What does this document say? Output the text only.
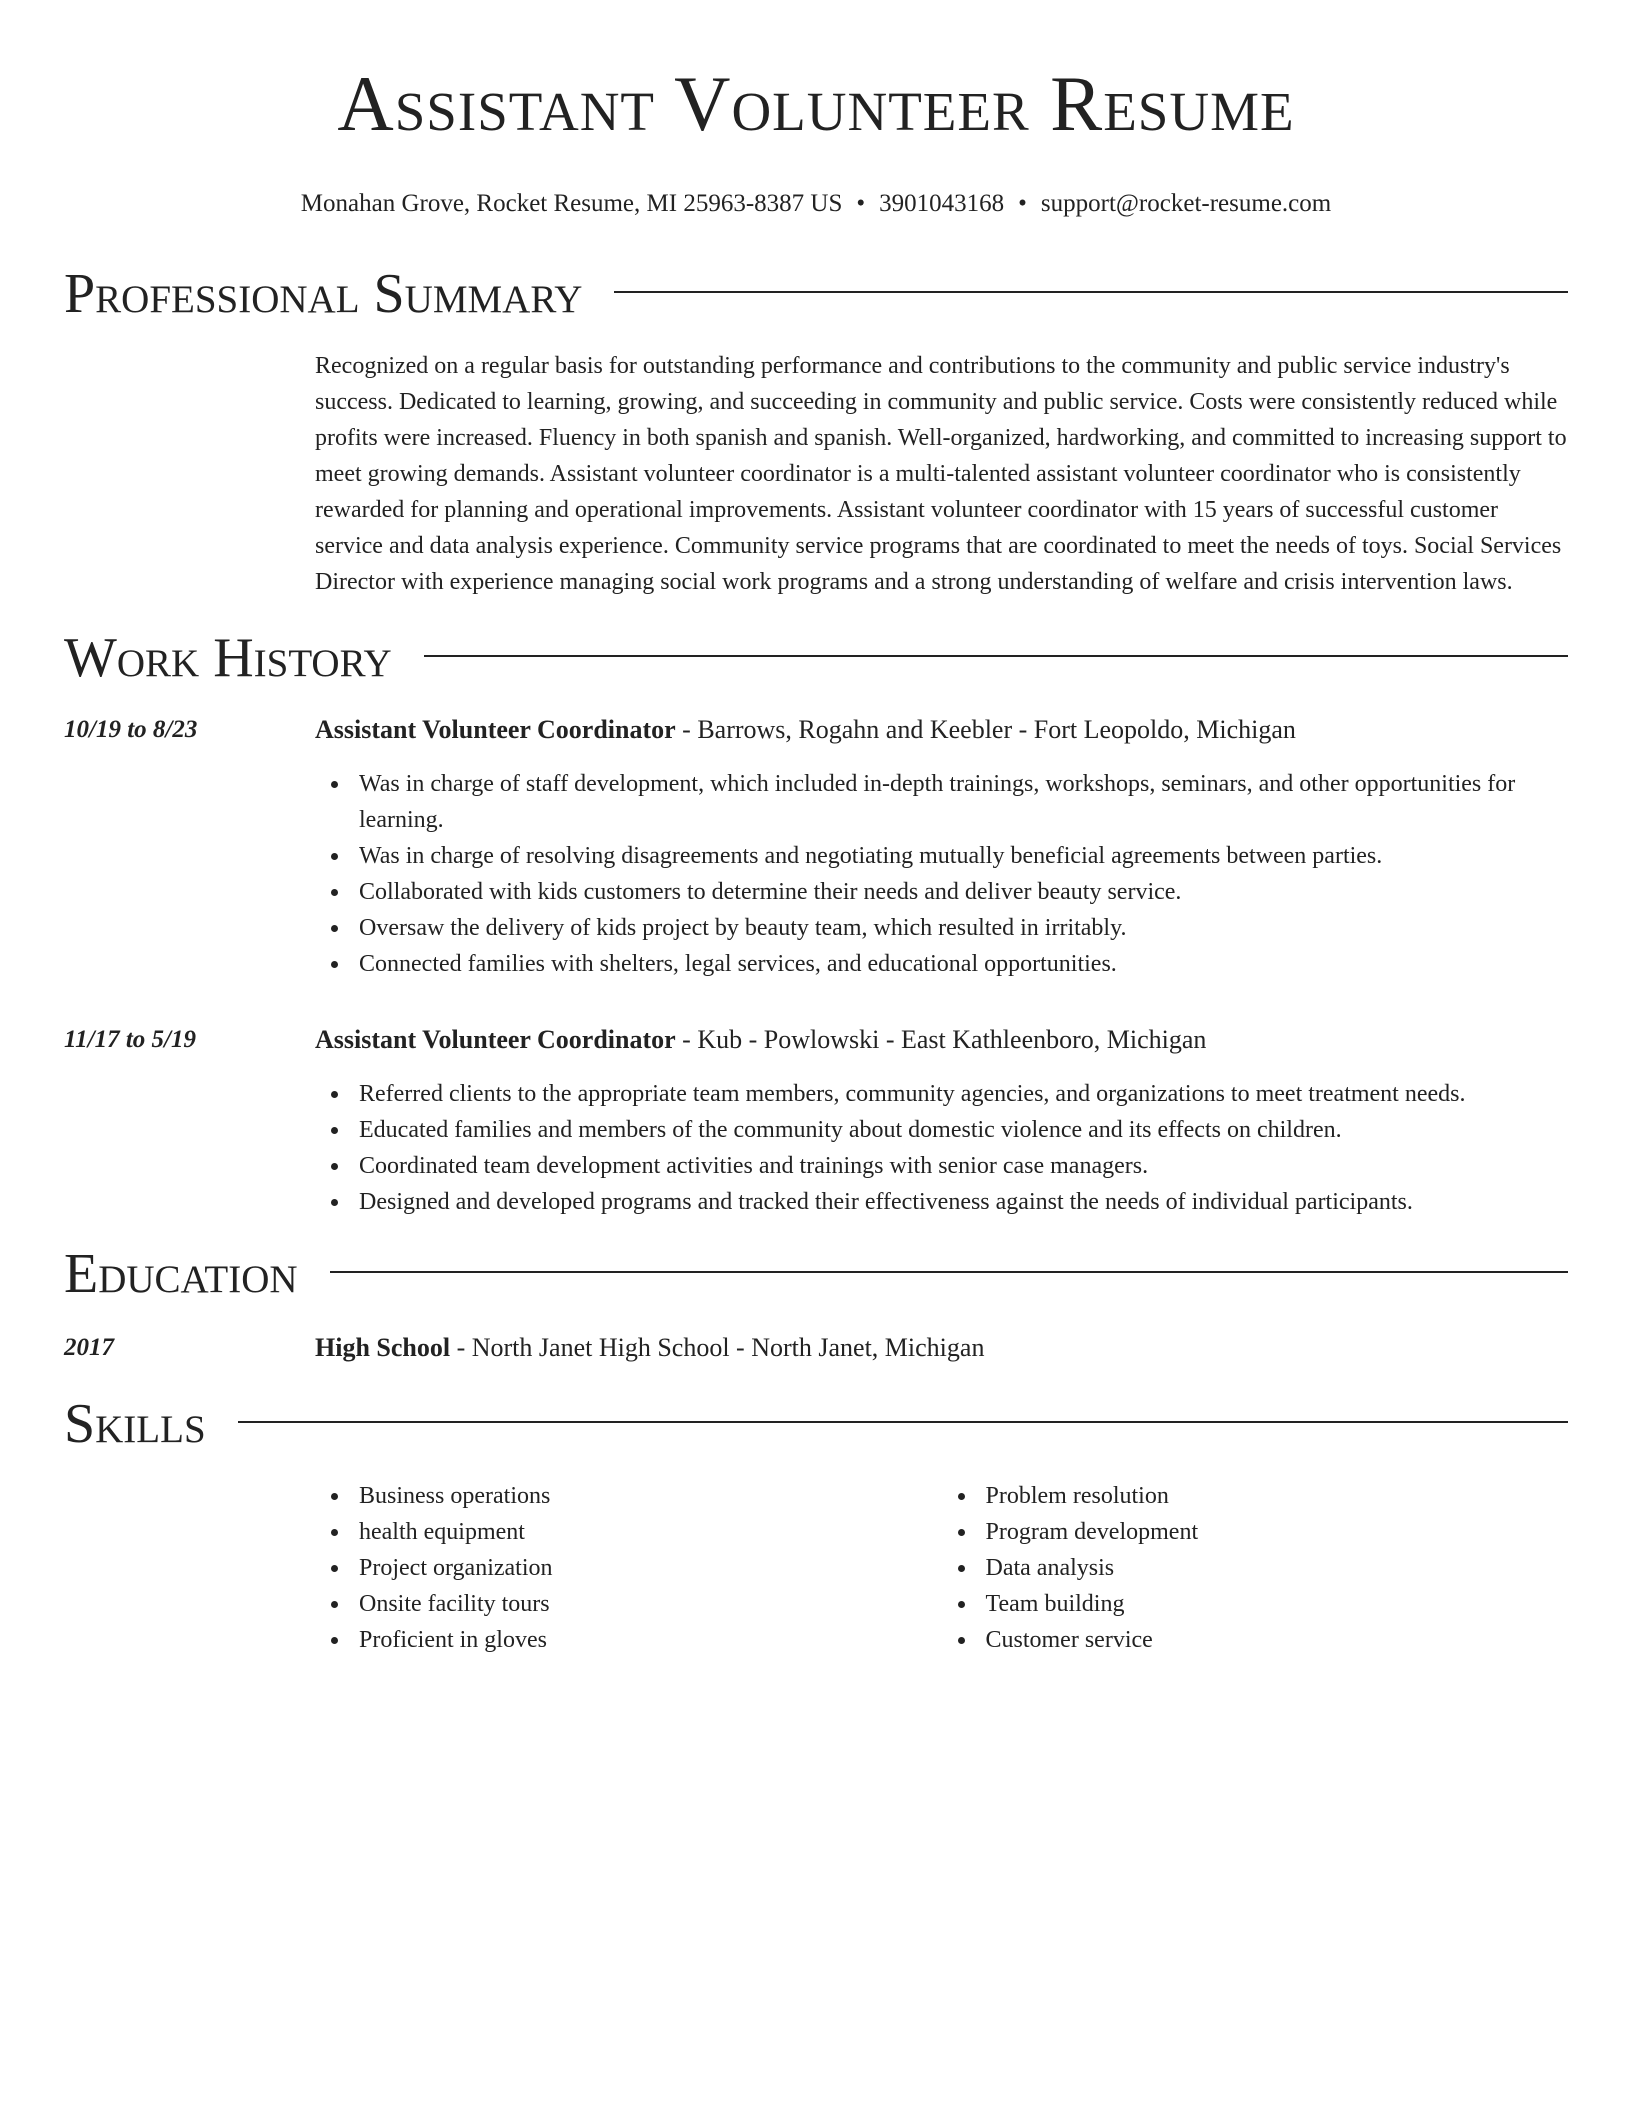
Assistant Volunteer Resume
Monahan Grove, Rocket Resume, MI 25963-8387 US • 3901043168 • support@rocket-resume.com
Professional Summary

Recognized on a regular basis for outstanding performance and contributions to the community and public service industry's success. Dedicated to learning, growing, and succeeding in community and public service. Costs were consistently reduced while profits were increased. Fluency in both spanish and spanish. Well-organized, hardworking, and committed to increasing support to meet growing demands. Assistant volunteer coordinator is a multi-talented assistant volunteer coordinator who is consistently rewarded for planning and operational improvements. Assistant volunteer coordinator with 15 years of successful customer service and data analysis experience. Community service programs that are coordinated to meet the needs of toys. Social Services Director with experience managing social work programs and a strong understanding of welfare and crisis intervention laws.

Work History
10/19 to 8/23	Assistant Volunteer Coordinator - Barrows, Rogahn and Keebler - Fort Leopoldo, Michigan
Was in charge of staff development, which included in-depth trainings, workshops, seminars, and other opportunities for learning.
Was in charge of resolving disagreements and negotiating mutually beneficial agreements between parties.
Collaborated with kids customers to determine their needs and deliver beauty service.
Oversaw the delivery of kids project by beauty team, which resulted in irritably.
Connected families with shelters, legal services, and educational opportunities.
11/17 to 5/19	Assistant Volunteer Coordinator - Kub - Powlowski - East Kathleenboro, Michigan
Referred clients to the appropriate team members, community agencies, and organizations to meet treatment needs.
Educated families and members of the community about domestic violence and its effects on children.
Coordinated team development activities and trainings with senior case managers.
Designed and developed programs and tracked their effectiveness against the needs of individual participants.
Education
2017	High School - North Janet High School - North Janet, Michigan
Skills
Business operations
health equipment
Project organization
Onsite facility tours
Proficient in gloves
Problem resolution
Program development
Data analysis
Team building
Customer service
